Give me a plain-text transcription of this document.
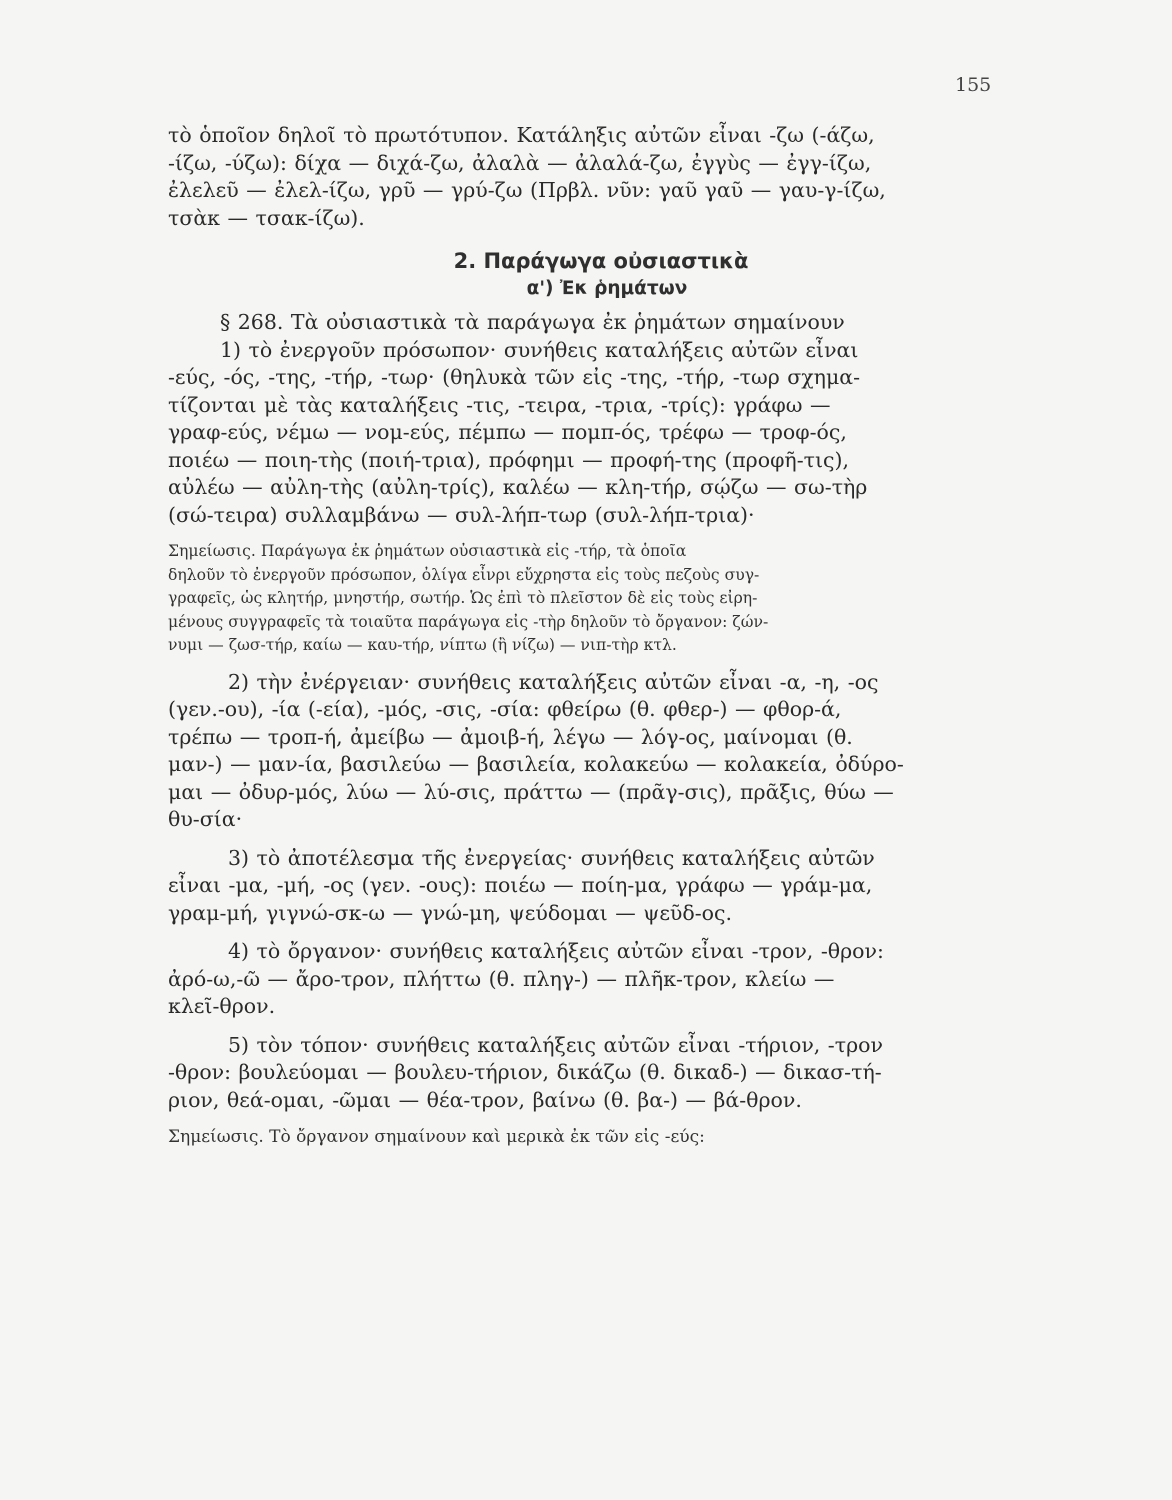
155

τὸ ὁποῖον δηλοῖ τὸ πρωτότυπον. Κατάληξις αὐτῶν εἶναι -ζω (-άζω,

-ίζω, -ύζω): δίχα — διχά-ζω, ἀλαλὰ — ἀλαλά-ζω, ἐγγὺς — ἐγγ-ίζω,

ἐλελεῦ — ἐλελ-ίζω, γρῦ — γρύ-ζω (Πρβλ. νῦν: γαῦ γαῦ — γαυ-γ-ίζω,

τσὰκ — τσακ-ίζω).

2. Παράγωγα οὐσιαστικὰ
α') Ἐκ ῥημάτων

§ 268. Τὰ οὐσιαστικὰ τὰ παράγωγα ἐκ ῥημάτων σημαίνουν

1) τὸ ἐνεργοῦν πρόσωπον· συνήθεις καταλήξεις αὐτῶν εἶναι

-εύς, -ός, -της, -τήρ, -τωρ· (θηλυκὰ τῶν εἰς -της, -τήρ, -τωρ σχημα-

τίζονται μὲ τὰς καταλήξεις -τις, -τειρα, -τρια, -τρίς): γράφω —

γραφ-εύς, νέμω — νομ-εύς, πέμπω — πομπ-ός, τρέφω — τροφ-ός,

ποιέω — ποιη-τὴς (ποιή-τρια), πρόφημι — προφή-της (προφῆ-τις),

αὐλέω — αὐλη-τὴς (αὐλη-τρίς), καλέω — κλη-τήρ, σῴζω — σω-τὴρ

(σώ-τειρα) συλλαμβάνω — συλ-λήπ-τωρ (συλ-λήπ-τρια)·

Σημείωσις. Παράγωγα ἐκ ῥημάτων οὐσιαστικὰ εἰς -τήρ, τὰ ὁποῖα

δηλοῦν τὸ ἐνεργοῦν πρόσωπον, ὀλίγα εἶνρι εὔχρηστα εἰς τοὺς πεζοὺς συγ-

γραφεῖς, ὡς κλητήρ, μνηστήρ, σωτήρ. Ὡς ἐπὶ τὸ πλεῖστον δὲ εἰς τοὺς εἰρη-

μένους συγγραφεῖς τὰ τοιαῦτα παράγωγα εἰς -τὴρ δηλοῦν τὸ ὄργανον: ζών-

νυμι — ζωσ-τήρ, καίω — καυ-τήρ, νίπτω (ἢ νίζω) — νιπ-τὴρ κτλ.

2) τὴν ἐνέργειαν· συνήθεις καταλήξεις αὐτῶν εἶναι -α, -η, -ος

(γεν.-ου), -ία (-εία), -μός, -σις, -σία: φθείρω (θ. φθερ-) — φθορ-ά,

τρέπω — τροπ-ή, ἀμείβω — ἀμοιβ-ή, λέγω — λόγ-ος, μαίνομαι (θ.

μαν-) — μαν-ία, βασιλεύω — βασιλεία, κολακεύω — κολακεία, ὀδύρο-

μαι — ὀδυρ-μός, λύω — λύ-σις, πράττω — (πρᾶγ-σις), πρᾶξις, θύω —

θυ-σία·

3) τὸ ἀποτέλεσμα τῆς ἐνεργείας· συνήθεις καταλήξεις αὐτῶν

εἶναι -μα, -μή, -ος (γεν. -ους): ποιέω — ποίη-μα, γράφω — γράμ-μα,

γραμ-μή, γιγνώ-σκ-ω — γνώ-μη, ψεύδομαι — ψεῦδ-ος.

4) τὸ ὄργανον· συνήθεις καταλήξεις αὐτῶν εἶναι -τρον, -θρον:

ἀρό-ω,-ῶ — ἄρο-τρον, πλήττω (θ. πληγ-) — πλῆκ-τρον, κλείω —

κλεῖ-θρον.

5) τὸν τόπον· συνήθεις καταλήξεις αὐτῶν εἶναι -τήριον, -τρον

-θρον: βουλεύομαι — βουλευ-τήριον, δικάζω (θ. δικαδ-) — δικασ-τή-

ριον, θεά-ομαι, -ῶμαι — θέα-τρον, βαίνω (θ. βα-) — βά-θρον.

Σημείωσις. Τὸ ὄργανον σημαίνουν καὶ μερικὰ ἐκ τῶν εἰς -εύς:
